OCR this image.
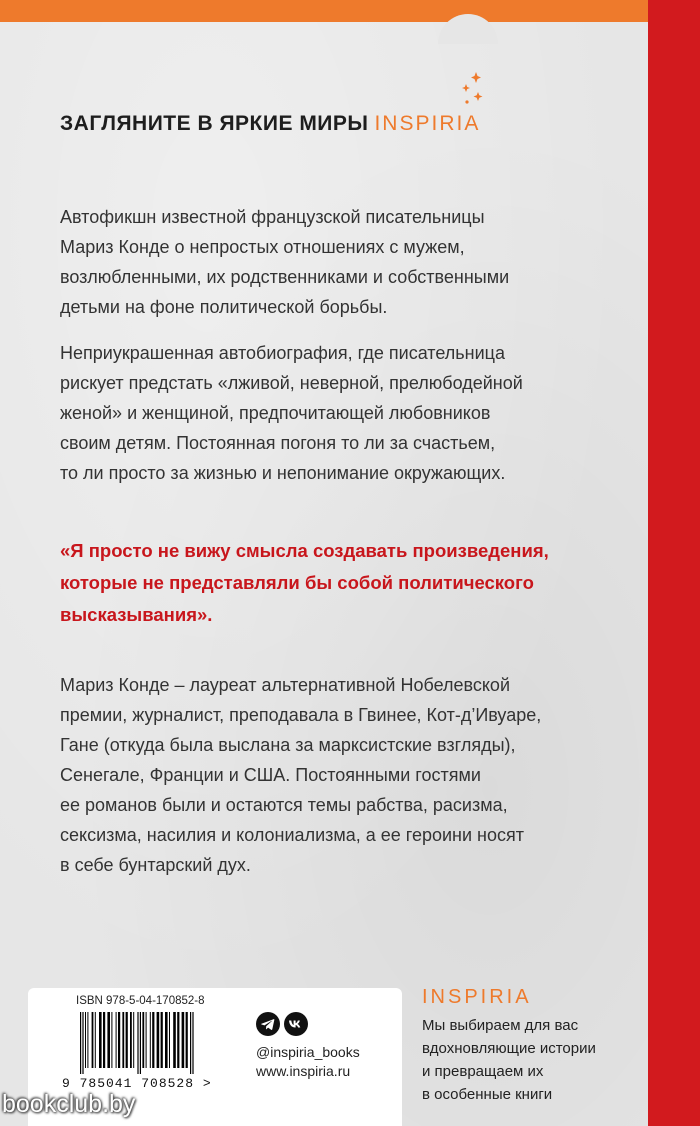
ЗАГЛЯНИТЕ В ЯРКИЕ МИРЫ INSPIRIA
Автофикшн известной французской писательницы
Мариз Конде о непростых отношениях с мужем,
возлюбленными, их родственниками и собственными
детьми на фоне политической борьбы.
Неприукрашенная автобиография, где писательница
рискует предстать «лживой, неверной, прелюбодейной
женой» и женщиной, предпочитающей любовников
своим детям. Постоянная погоня то ли за счастьем,
то ли просто за жизнью и непонимание окружающих.
«Я просто не вижу смысла создавать произведения,
которые не представляли бы собой политического
высказывания».
Мариз Конде – лауреат альтернативной Нобелевской
премии, журналист, преподавала в Гвинее, Кот-д’Ивуаре,
Гане (откуда была выслана за марксистские взгляды),
Сенегале, Франции и США. Постоянными гостями
ее романов были и остаются темы рабства, расизма,
сексизма, насилия и колониализма, а ее героини носят
в себе бунтарский дух.
ISBN 978-5-04-170852-8
9 785041 708528 >
@inspiria_books
www.inspiria.ru
INSPIRIA
Мы выбираем для вас
вдохновляющие истории
и превращаем их
в особенные книги
bookclub.by
